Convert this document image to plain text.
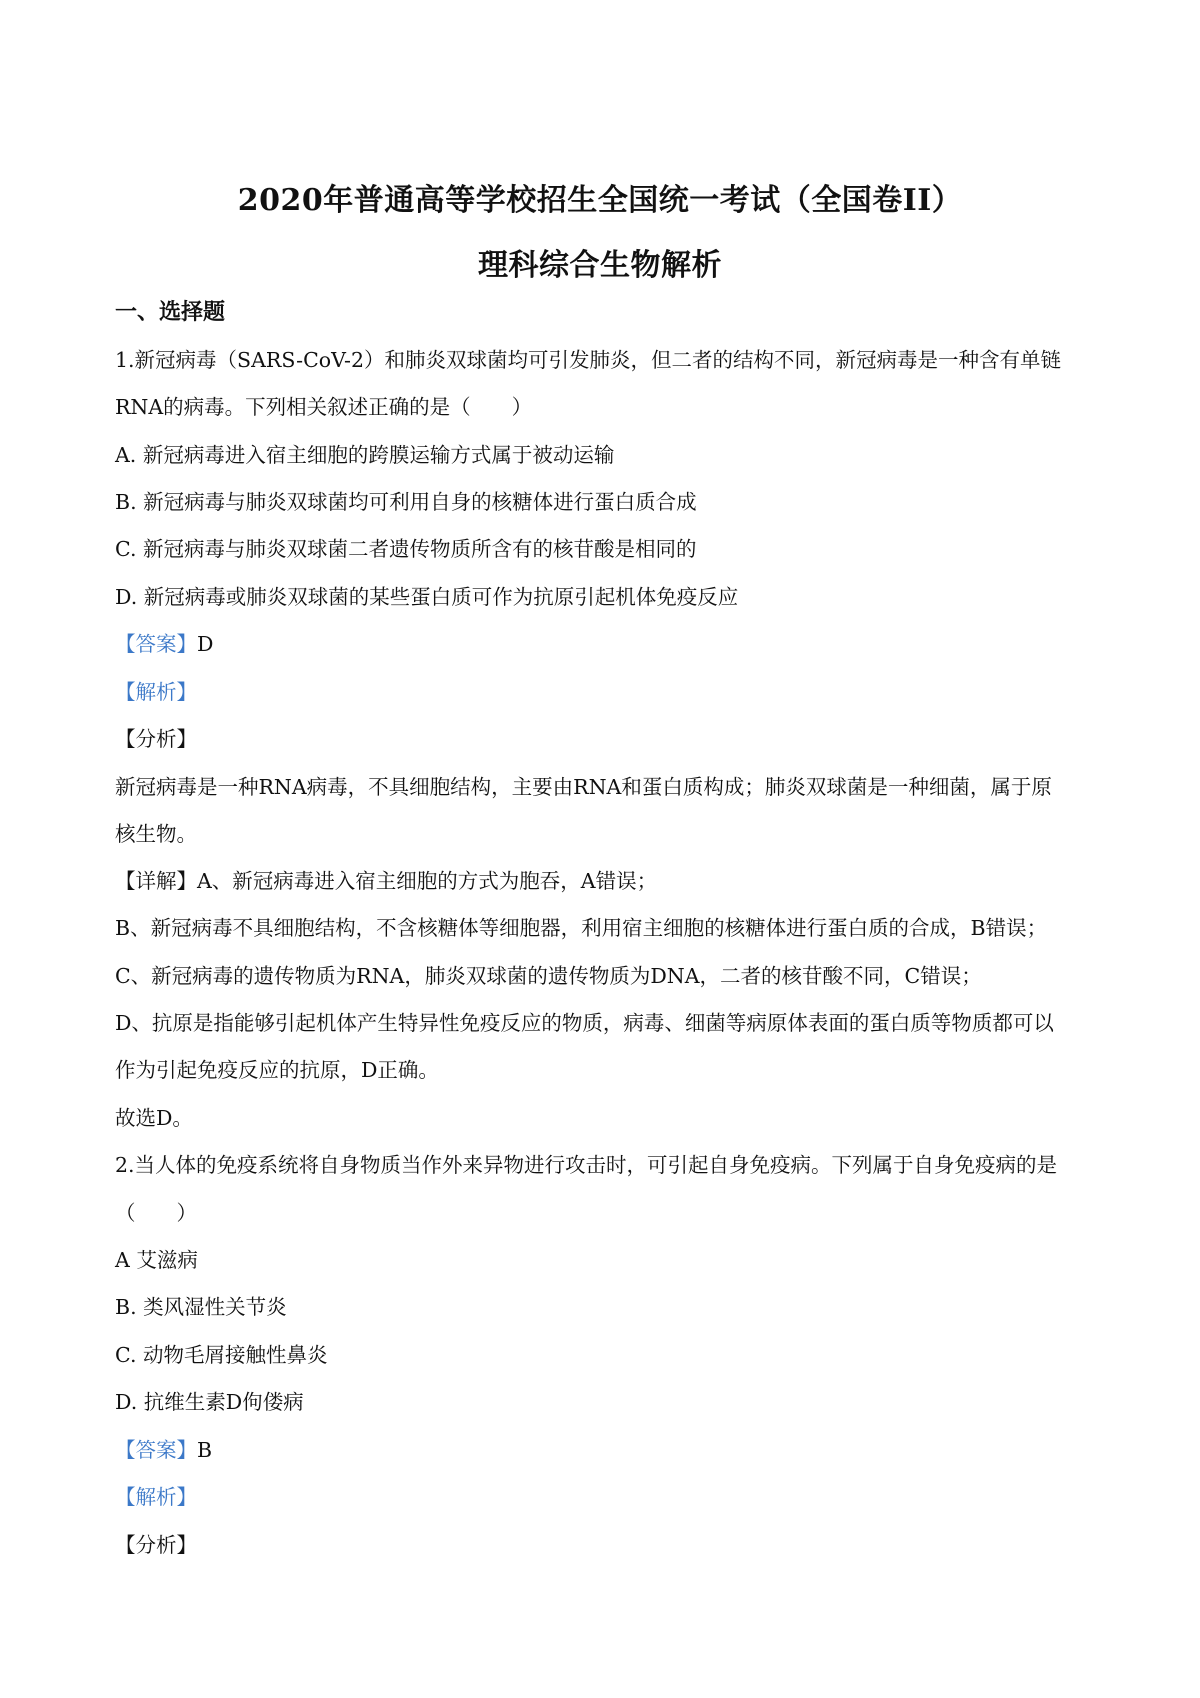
2020年普通高等学校招生全国统一考试（全国卷II）
理科综合生物解析
一、选择题
1.新冠病毒（SARS-CoV-2）和肺炎双球菌均可引发肺炎，但二者的结构不同，新冠病毒是一种含有单链
RNA的病毒。下列相关叙述正确的是（　　）
A. 新冠病毒进入宿主细胞的跨膜运输方式属于被动运输
B. 新冠病毒与肺炎双球菌均可利用自身的核糖体进行蛋白质合成
C. 新冠病毒与肺炎双球菌二者遗传物质所含有的核苷酸是相同的
D. 新冠病毒或肺炎双球菌的某些蛋白质可作为抗原引起机体免疫反应
【答案】D
【解析】
【分析】
新冠病毒是一种RNA病毒，不具细胞结构，主要由RNA和蛋白质构成；肺炎双球菌是一种细菌，属于原
核生物。
【详解】A、新冠病毒进入宿主细胞的方式为胞吞，A错误；
B、新冠病毒不具细胞结构，不含核糖体等细胞器，利用宿主细胞的核糖体进行蛋白质的合成，B错误；
C、新冠病毒的遗传物质为RNA，肺炎双球菌的遗传物质为DNA，二者的核苷酸不同，C错误；
D、抗原是指能够引起机体产生特异性免疫反应的物质，病毒、细菌等病原体表面的蛋白质等物质都可以
作为引起免疫反应的抗原，D正确。
故选D。
2.当人体的免疫系统将自身物质当作外来异物进行攻击时，可引起自身免疫病。下列属于自身免疫病的是
（　　）
A 艾滋病
B. 类风湿性关节炎
C. 动物毛屑接触性鼻炎
D. 抗维生素D佝偻病
【答案】B
【解析】
【分析】
